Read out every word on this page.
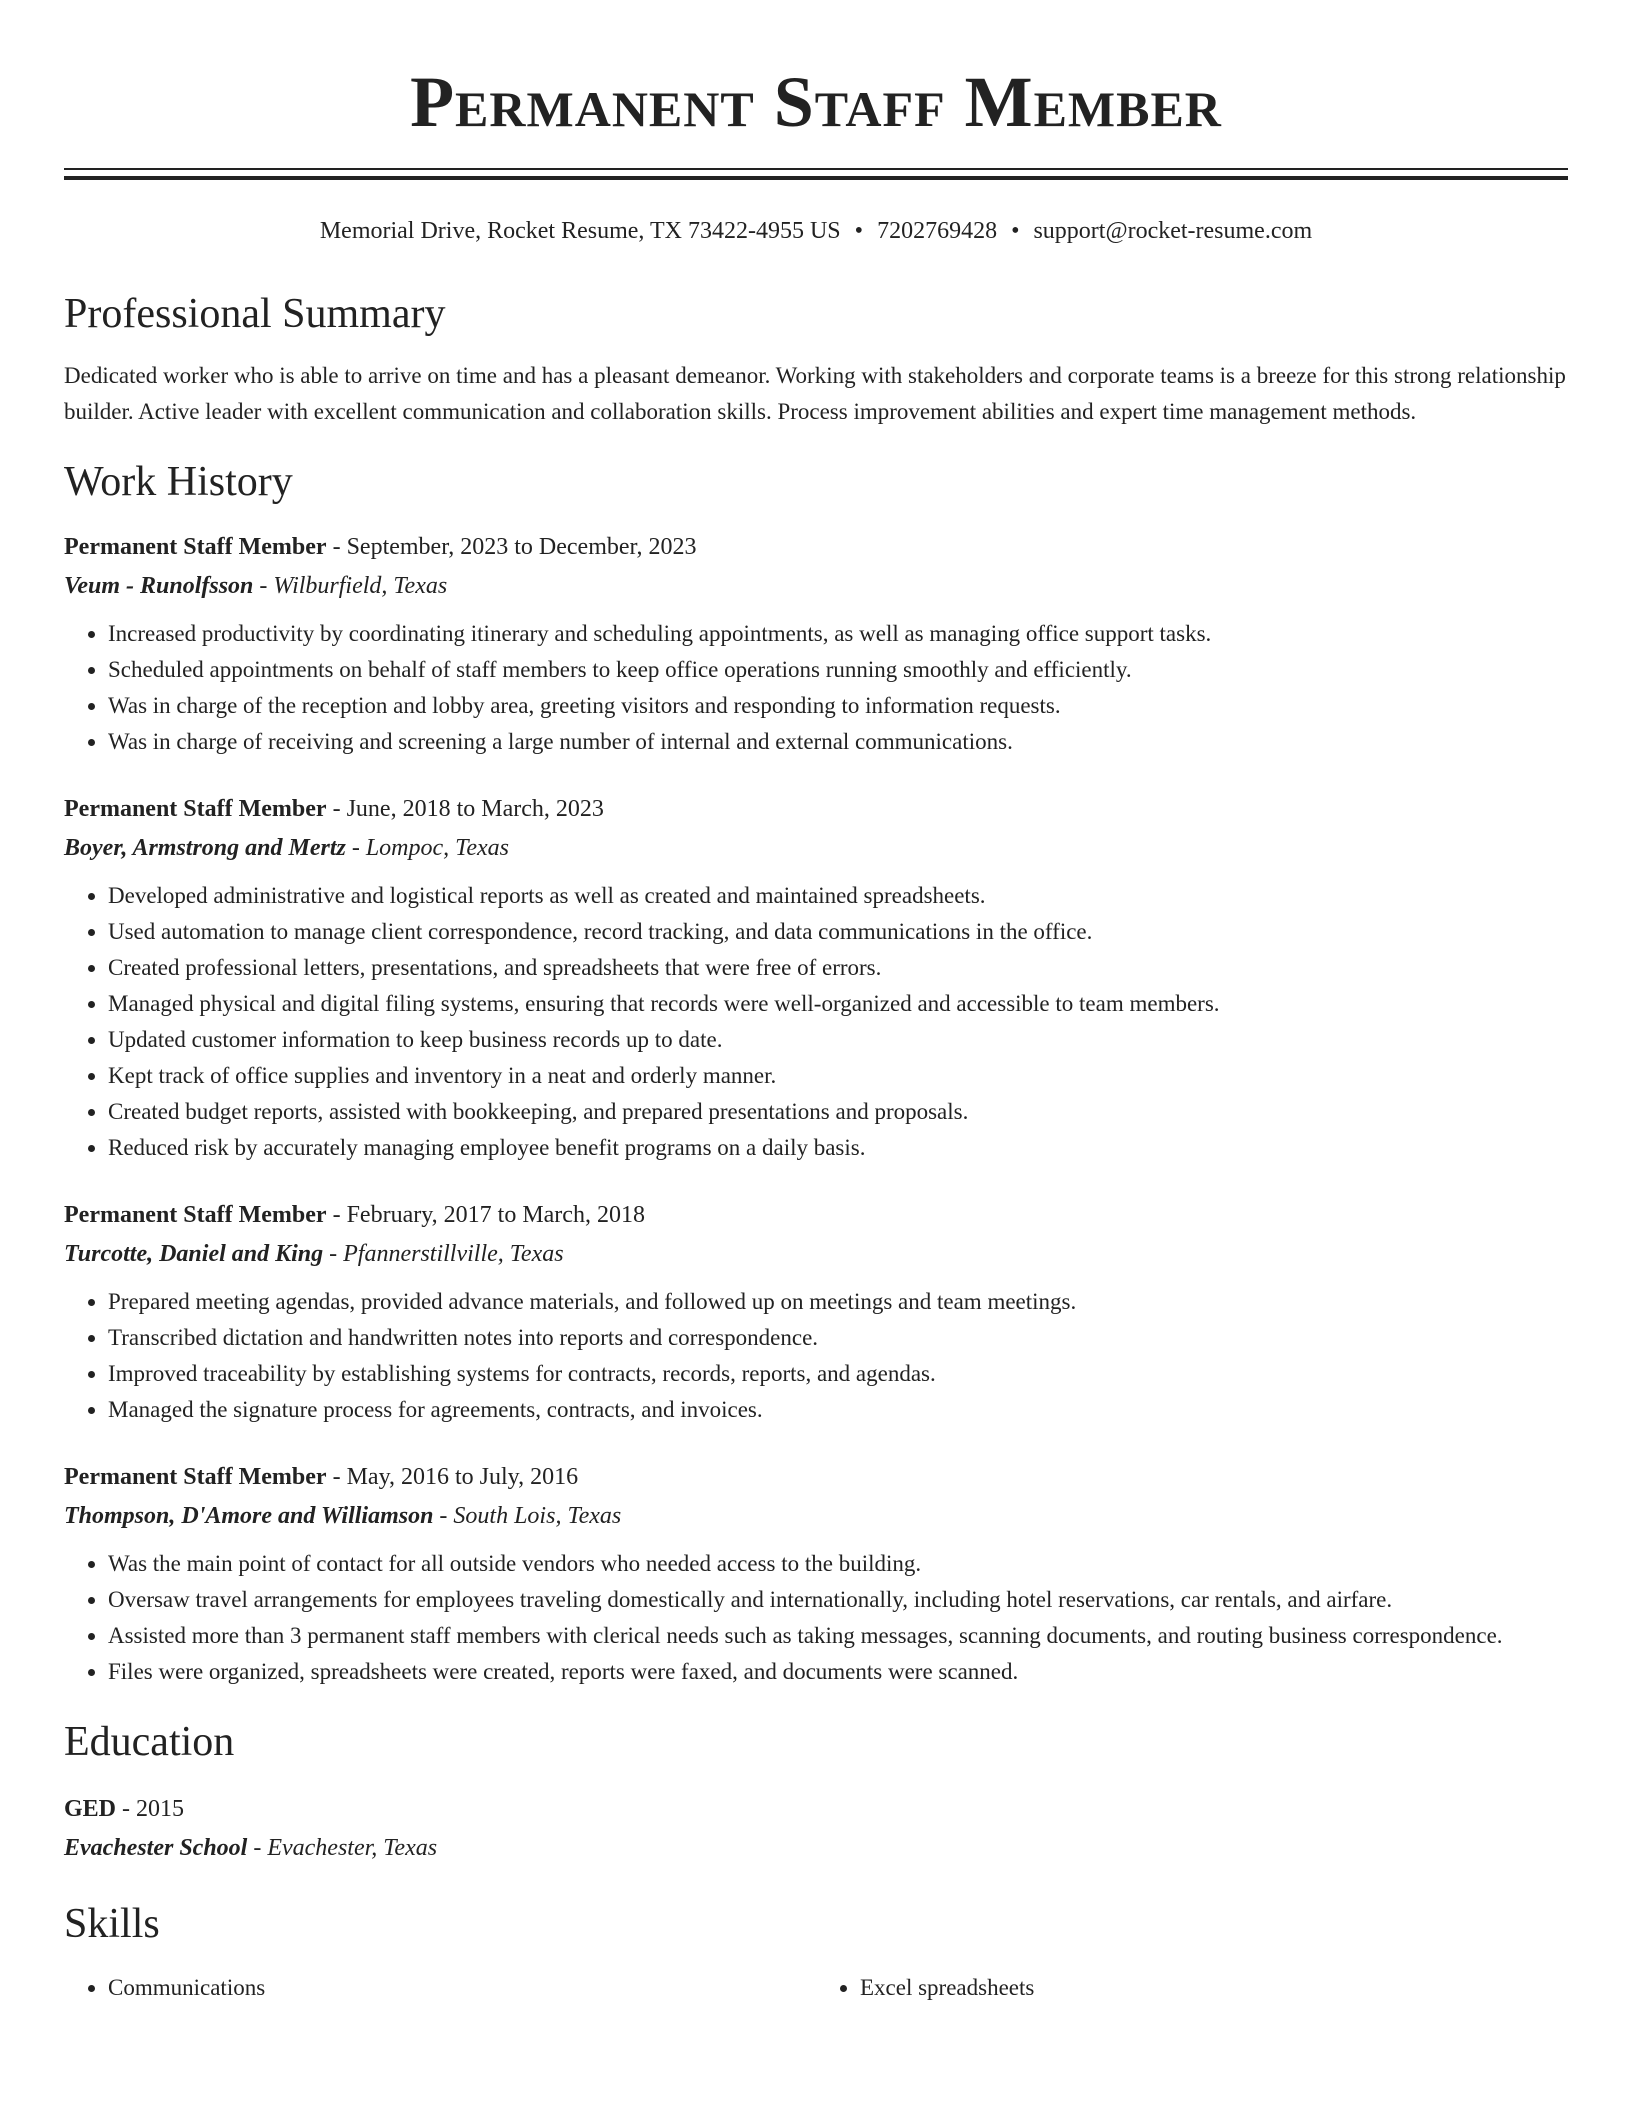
Permanent Staff Member
Memorial Drive, Rocket Resume, TX 73422-4955 US • 7202769428 • support@rocket-resume.com
Professional Summary

Dedicated worker who is able to arrive on time and has a pleasant demeanor. Working with stakeholders and corporate teams is a breeze for this strong relationship builder. Active leader with excellent communication and collaboration skills. Process improvement abilities and expert time management methods.

Work History
Permanent Staff Member - September, 2023 to December, 2023
Veum - Runolfsson - Wilburfield, Texas
• Increased productivity by coordinating itinerary and scheduling appointments, as well as managing office support tasks.
• Scheduled appointments on behalf of staff members to keep office operations running smoothly and efficiently.
• Was in charge of the reception and lobby area, greeting visitors and responding to information requests.
• Was in charge of receiving and screening a large number of internal and external communications.
Permanent Staff Member - June, 2018 to March, 2023
Boyer, Armstrong and Mertz - Lompoc, Texas
• Developed administrative and logistical reports as well as created and maintained spreadsheets.
• Used automation to manage client correspondence, record tracking, and data communications in the office.
• Created professional letters, presentations, and spreadsheets that were free of errors.
• Managed physical and digital filing systems, ensuring that records were well-organized and accessible to team members.
• Updated customer information to keep business records up to date.
• Kept track of office supplies and inventory in a neat and orderly manner.
• Created budget reports, assisted with bookkeeping, and prepared presentations and proposals.
• Reduced risk by accurately managing employee benefit programs on a daily basis.
Permanent Staff Member - February, 2017 to March, 2018
Turcotte, Daniel and King - Pfannerstillville, Texas
• Prepared meeting agendas, provided advance materials, and followed up on meetings and team meetings.
• Transcribed dictation and handwritten notes into reports and correspondence.
• Improved traceability by establishing systems for contracts, records, reports, and agendas.
• Managed the signature process for agreements, contracts, and invoices.
Permanent Staff Member - May, 2016 to July, 2016
Thompson, D'Amore and Williamson - South Lois, Texas
• Was the main point of contact for all outside vendors who needed access to the building.
• Oversaw travel arrangements for employees traveling domestically and internationally, including hotel reservations, car rentals, and airfare.
• Assisted more than 3 permanent staff members with clerical needs such as taking messages, scanning documents, and routing business correspondence.
• Files were organized, spreadsheets were created, reports were faxed, and documents were scanned.
Education
GED - 2015
Evachester School - Evachester, Texas
Skills
• Communications
•	Excel spreadsheets
